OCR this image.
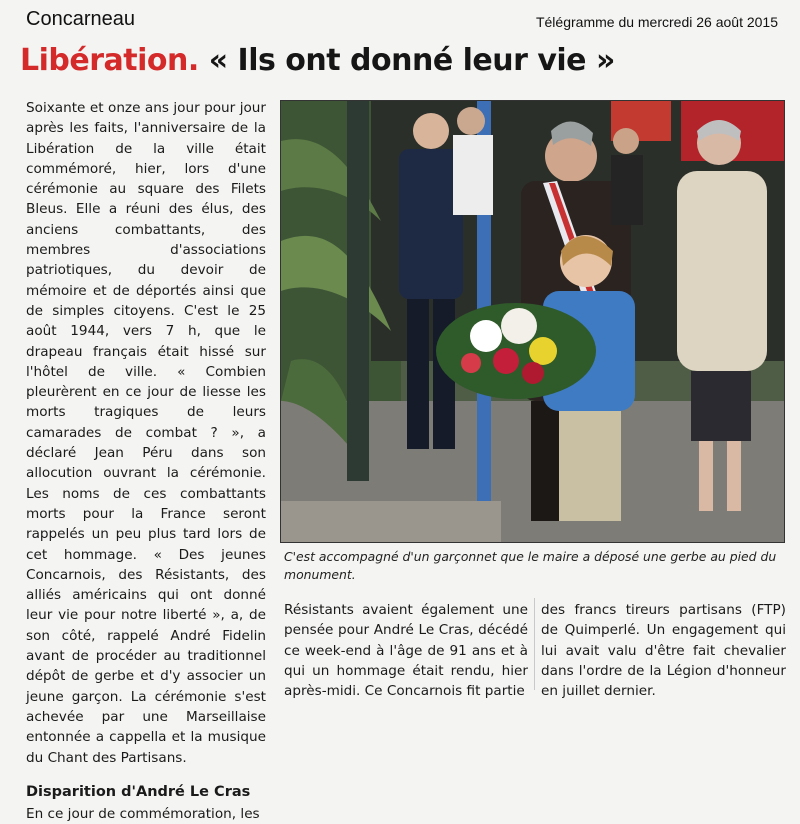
Concarneau	Télégramme du mercredi 26 août 2015
Libération. « Ils ont donné leur vie »

Soixante et onze ans jour pour jour après les faits, l'anniversaire de la Libération de la ville était commémoré, hier, lors d'une cérémonie au square des Filets Bleus. Elle a réuni des élus, des anciens combattants, des membres d'associations patriotiques, du devoir de mémoire et de déportés ainsi que de simples citoyens. C'est le 25 août 1944, vers 7 h, que le drapeau français était hissé sur l'hôtel de ville. « Combien pleurèrent en ce jour de liesse les morts tragiques de leurs camarades de combat ? », a déclaré Jean Péru dans son allocution ouvrant la cérémonie. Les noms de ces combattants morts pour la France seront rappelés un peu plus tard lors de cet hommage. « Des jeunes Concarnois, des Résistants, des alliés américains qui ont donné leur vie pour notre liberté », a, de son côté, rappelé André Fidelin avant de procéder au traditionnel dépôt de gerbe et d'y associer un jeune garçon. La cérémonie s'est achevée par une Marseillaise entonnée a cappella et la musique du Chant des Partisans.

Disparition d'André Le Cras

En ce jour de commémoration, les

C'est accompagné d'un garçonnet que le maire a déposé une gerbe au pied du monument.

Résistants avaient également une pensée pour André Le Cras, décédé ce week-end à l'âge de 91 ans et à qui un hommage était rendu, hier après-midi. Ce Concarnois fit partie

des francs tireurs partisans (FTP) de Quimperlé. Un engagement qui lui avait valu d'être fait chevalier dans l'ordre de la Légion d'honneur en juillet dernier.
